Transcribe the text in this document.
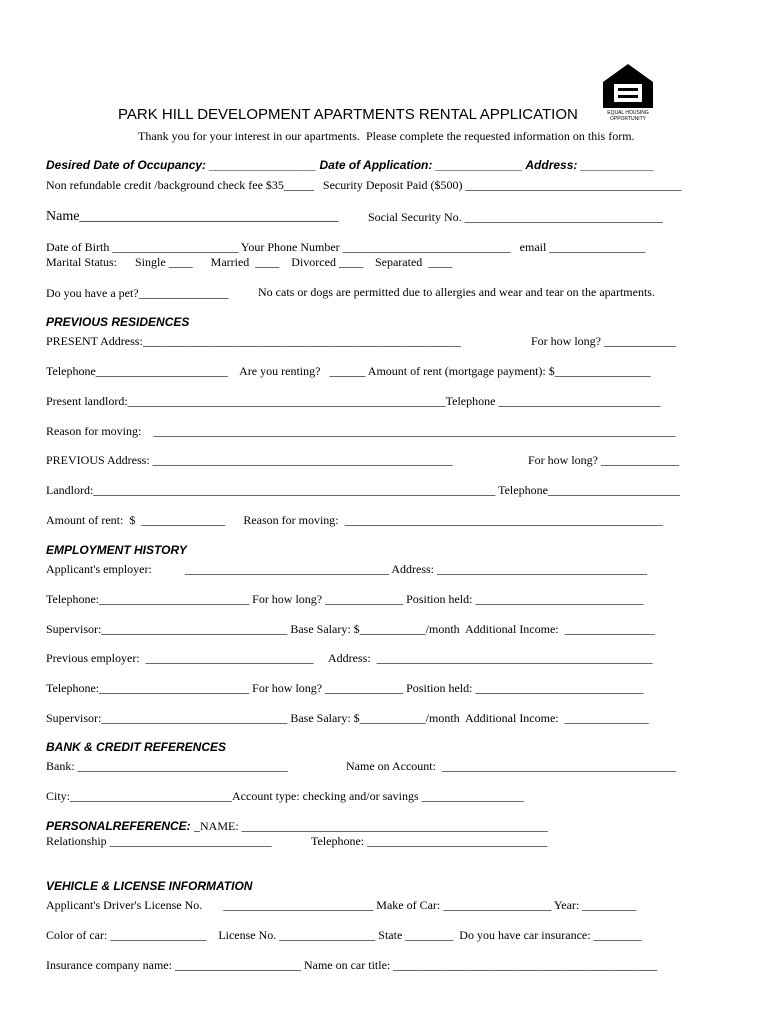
EQUAL HOUSING
OPPORTUNITY
PARK HILL DEVELOPMENT APARTMENTS RENTAL APPLICATION
Thank you for your interest in our apartments.  Please complete the requested information on this form.
Desired Date of Occupancy: ________________ Date of Application: _____________ Address: ___________
Non refundable credit /background check fee $35_____   Security Deposit Paid ($500) ____________________________________
Name_____________________________________ Social Security No. _________________________________
Date of Birth _____________________ Your Phone Number ____________________________   email ________________
Marital Status:      Single ____      Married  ____    Divorced ____    Separated  ____
Do you have a pet?_______________ No cats or dogs are permitted due to allergies and wear and tear on the apartments.
PREVIOUS RESIDENCES
PRESENT Address:_____________________________________________________	For how long? ____________
Telephone______________________    Are you renting?   ______ Amount of rent (mortgage payment): $________________
Present landlord:_____________________________________________________Telephone ___________________________
Reason for moving:    _______________________________________________________________________________________
PREVIOUS Address: __________________________________________________	For how long? _____________
Landlord:___________________________________________________________________ Telephone______________________
Amount of rent:  $  ______________      Reason for moving:  _____________________________________________________
EMPLOYMENT HISTORY
Applicant's employer:	__________________________________ Address: ___________________________________
Telephone:_________________________ For how long? _____________ Position held: ____________________________
Supervisor:_______________________________ Base Salary: $___________/month  Additional Income:  _______________
Previous employer:  ____________________________     Address:  ______________________________________________
Telephone:_________________________ For how long? _____________ Position held: ____________________________
Supervisor:_______________________________ Base Salary: $___________/month  Additional Income:  ______________
BANK & CREDIT REFERENCES
Bank: ___________________________________	Name on Account:  _______________________________________
City:___________________________Account type: checking and/or savings _________________
PERSONALREFERENCE: _NAME: ___________________________________________________
Relationship ___________________________	Telephone: ______________________________
VEHICLE & LICENSE INFORMATION
Applicant's Driver's License No.       _________________________ Make of Car: __________________ Year: _________
Color of car: ________________    License No. ________________ State ________  Do you have car insurance: ________
Insurance company name: _____________________ Name on car title: ____________________________________________
